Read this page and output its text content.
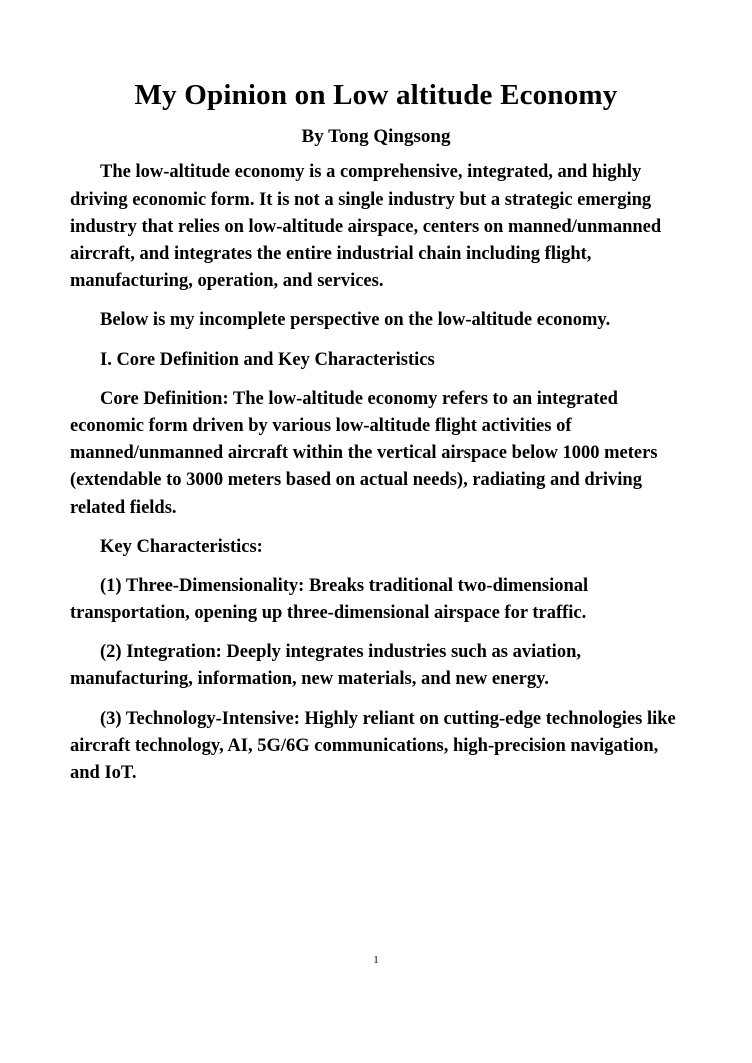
My Opinion on Low altitude Economy
By Tong Qingsong

The low-altitude economy is a comprehensive, integrated, and highly driving economic form. It is not a single industry but a strategic emerging industry that relies on low-altitude airspace, centers on manned/unmanned aircraft, and integrates the entire industrial chain including flight, manufacturing, operation, and services.

Below is my incomplete perspective on the low-altitude economy.

I. Core Definition and Key Characteristics

Core Definition: The low-altitude economy refers to an integrated economic form driven by various low-altitude flight activities of manned/unmanned aircraft within the vertical airspace below 1000 meters (extendable to 3000 meters based on actual needs), radiating and driving related fields.

Key Characteristics:

(1) Three-Dimensionality: Breaks traditional two-dimensional transportation, opening up three-dimensional airspace for traffic.

(2) Integration: Deeply integrates industries such as aviation, manufacturing, information, new materials, and new energy.

(3) Technology-Intensive: Highly reliant on cutting-edge technologies like aircraft technology, AI, 5G/6G communications, high-precision navigation, and IoT.

1
